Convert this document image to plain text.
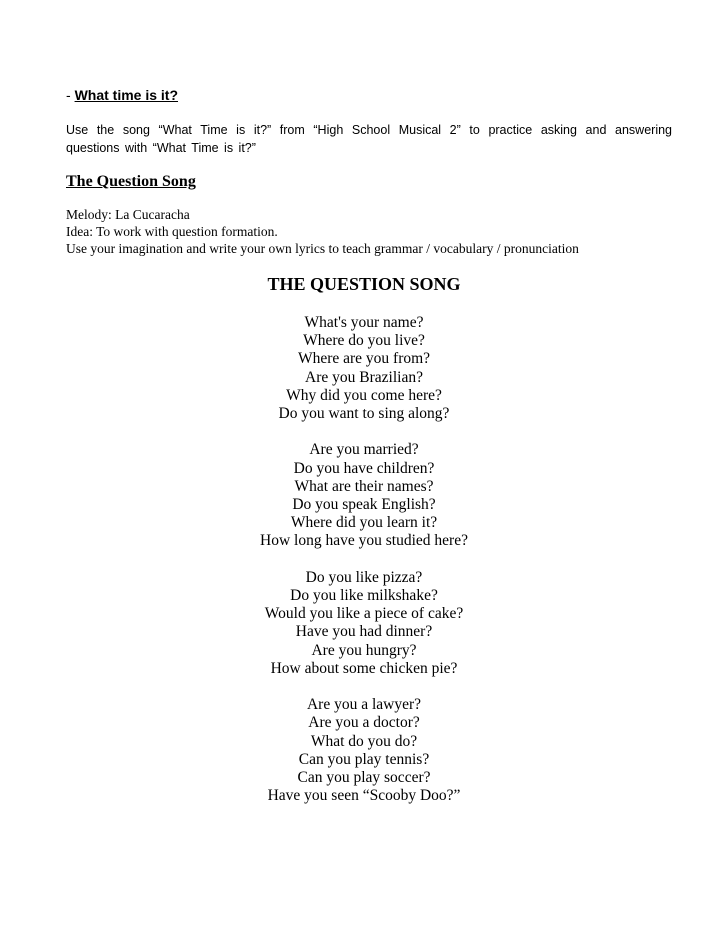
- What time is it?
Use the song “What Time is it?” from “High School Musical 2” to practice asking and answering questions with “What Time is it?”
The Question Song
Melody: La Cucaracha
Idea: To work with question formation.
Use your imagination and write your own lyrics to teach grammar / vocabulary / pronunciation
THE QUESTION SONG
What's your name?
Where do you live?
Where are you from?
Are you Brazilian?
Why did you come here?
Do you want to sing along?
Are you married?
Do you have children?
What are their names?
Do you speak English?
Where did you learn it?
How long have you studied here?
Do you like pizza?
Do you like milkshake?
Would you like a piece of cake?
Have you had dinner?
Are you hungry?
How about some chicken pie?
Are you a lawyer?
Are you a doctor?
What do you do?
Can you play tennis?
Can you play soccer?
Have you seen “Scooby Doo?”
